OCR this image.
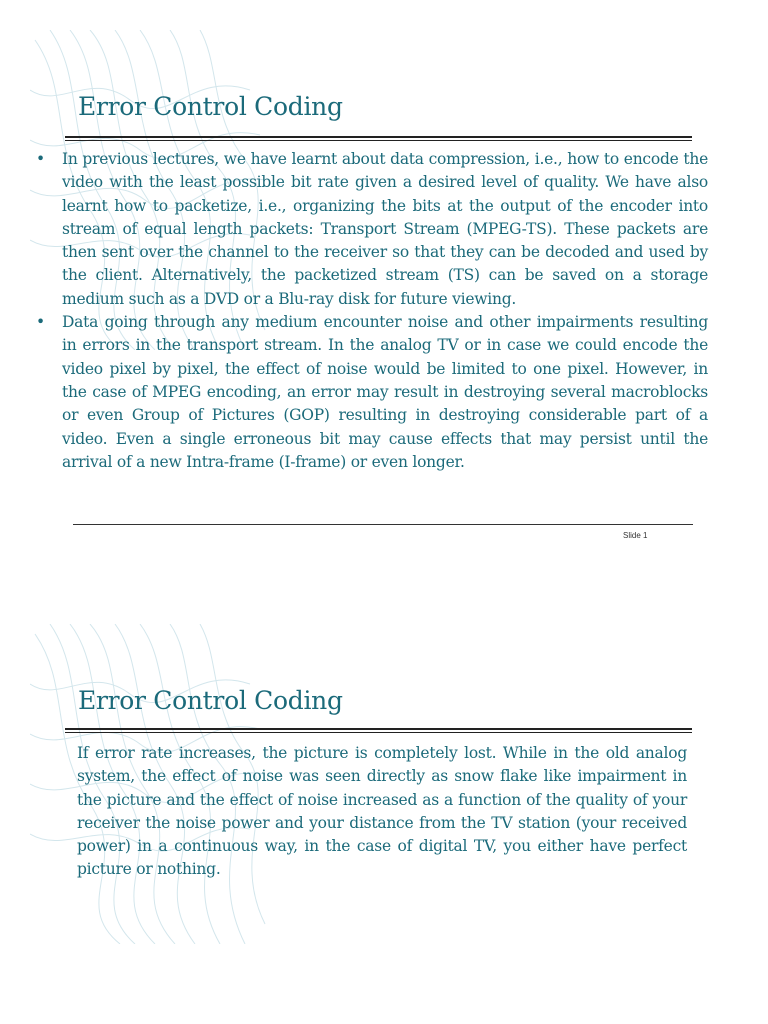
Error Control Coding
• In previous lectures, we have learnt about data compression, i.e., how to encode the video with the least possible bit rate given a desired level of quality. We have also learnt how to packetize, i.e., organizing the bits at the output of the encoder into stream of equal length packets: Transport Stream (MPEG-TS). These packets are then sent over the channel to the receiver so that they can be decoded and used by the client. Alternatively, the packetized stream (TS) can be saved on a storage medium such as a DVD or a Blu-ray disk for future viewing.
• Data going through any medium encounter noise and other impairments resulting in errors in the transport stream. In the analog TV or in case we could encode the video pixel by pixel, the effect of noise would be limited to one pixel. However, in the case of MPEG encoding, an error may result in destroying several macroblocks or even Group of Pictures (GOP) resulting in destroying considerable part of a video. Even a single erroneous bit may cause effects that may persist until the arrival of a new Intra-frame (I-frame) or even longer.
Slide 1
Error Control Coding

If error rate increases, the picture is completely lost. While in the old analog system, the effect of noise was seen directly as snow flake like impairment in the picture and the effect of noise increased as a function of the quality of your receiver the noise power and your distance from the TV station (your received power) in a continuous way, in the case of digital TV, you either have perfect picture or nothing.
